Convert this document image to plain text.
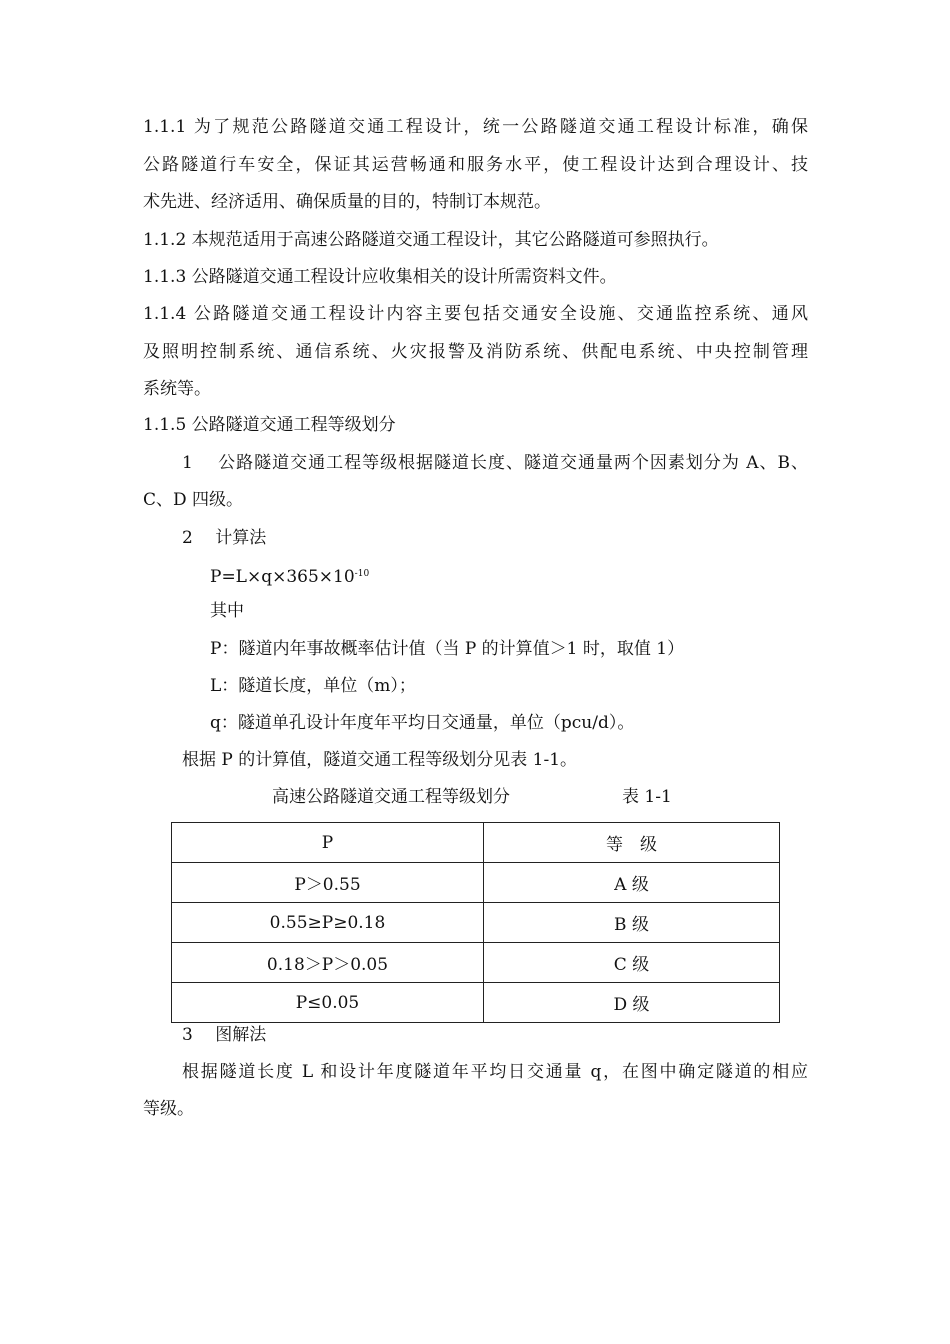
1.1.1 为了规范公路隧道交通工程设计，统一公路隧道交通工程设计标准，确保
公路隧道行车安全，保证其运营畅通和服务水平，使工程设计达到合理设计、技
术先进、经济适用、确保质量的目的，特制订本规范。
1.1.2 本规范适用于高速公路隧道交通工程设计，其它公路隧道可参照执行。
1.1.3 公路隧道交通工程设计应收集相关的设计所需资料文件。
1.1.4 公路隧道交通工程设计内容主要包括交通安全设施、交通监控系统、通风
及照明控制系统、通信系统、火灾报警及消防系统、供配电系统、中央控制管理
系统等。
1.1.5 公路隧道交通工程等级划分
1　 公路隧道交通工程等级根据隧道长度、隧道交通量两个因素划分为 A、B、
C、D 四级。
2　 计算法
$P=L\times q\times 365\times 10^{-10}$
其中
P：隧道内年事故概率估计值（当 P 的计算值＞1 时，取值 1）
L：隧道长度，单位（m）；
q：隧道单孔设计年度年平均日交通量，单位（pcu/d）。
根据 P 的计算值，隧道交通工程等级划分见表 1-1。
高速公路隧道交通工程等级划分	表 1-1
P	等　级
P＞0.55	A 级
0.55≥P≥0.18	B 级
0.18＞P＞0.05	C 级
P≤0.05	D 级
3　 图解法
根据隧道长度 L 和设计年度隧道年平均日交通量 q，在图中确定隧道的相应
等级。
